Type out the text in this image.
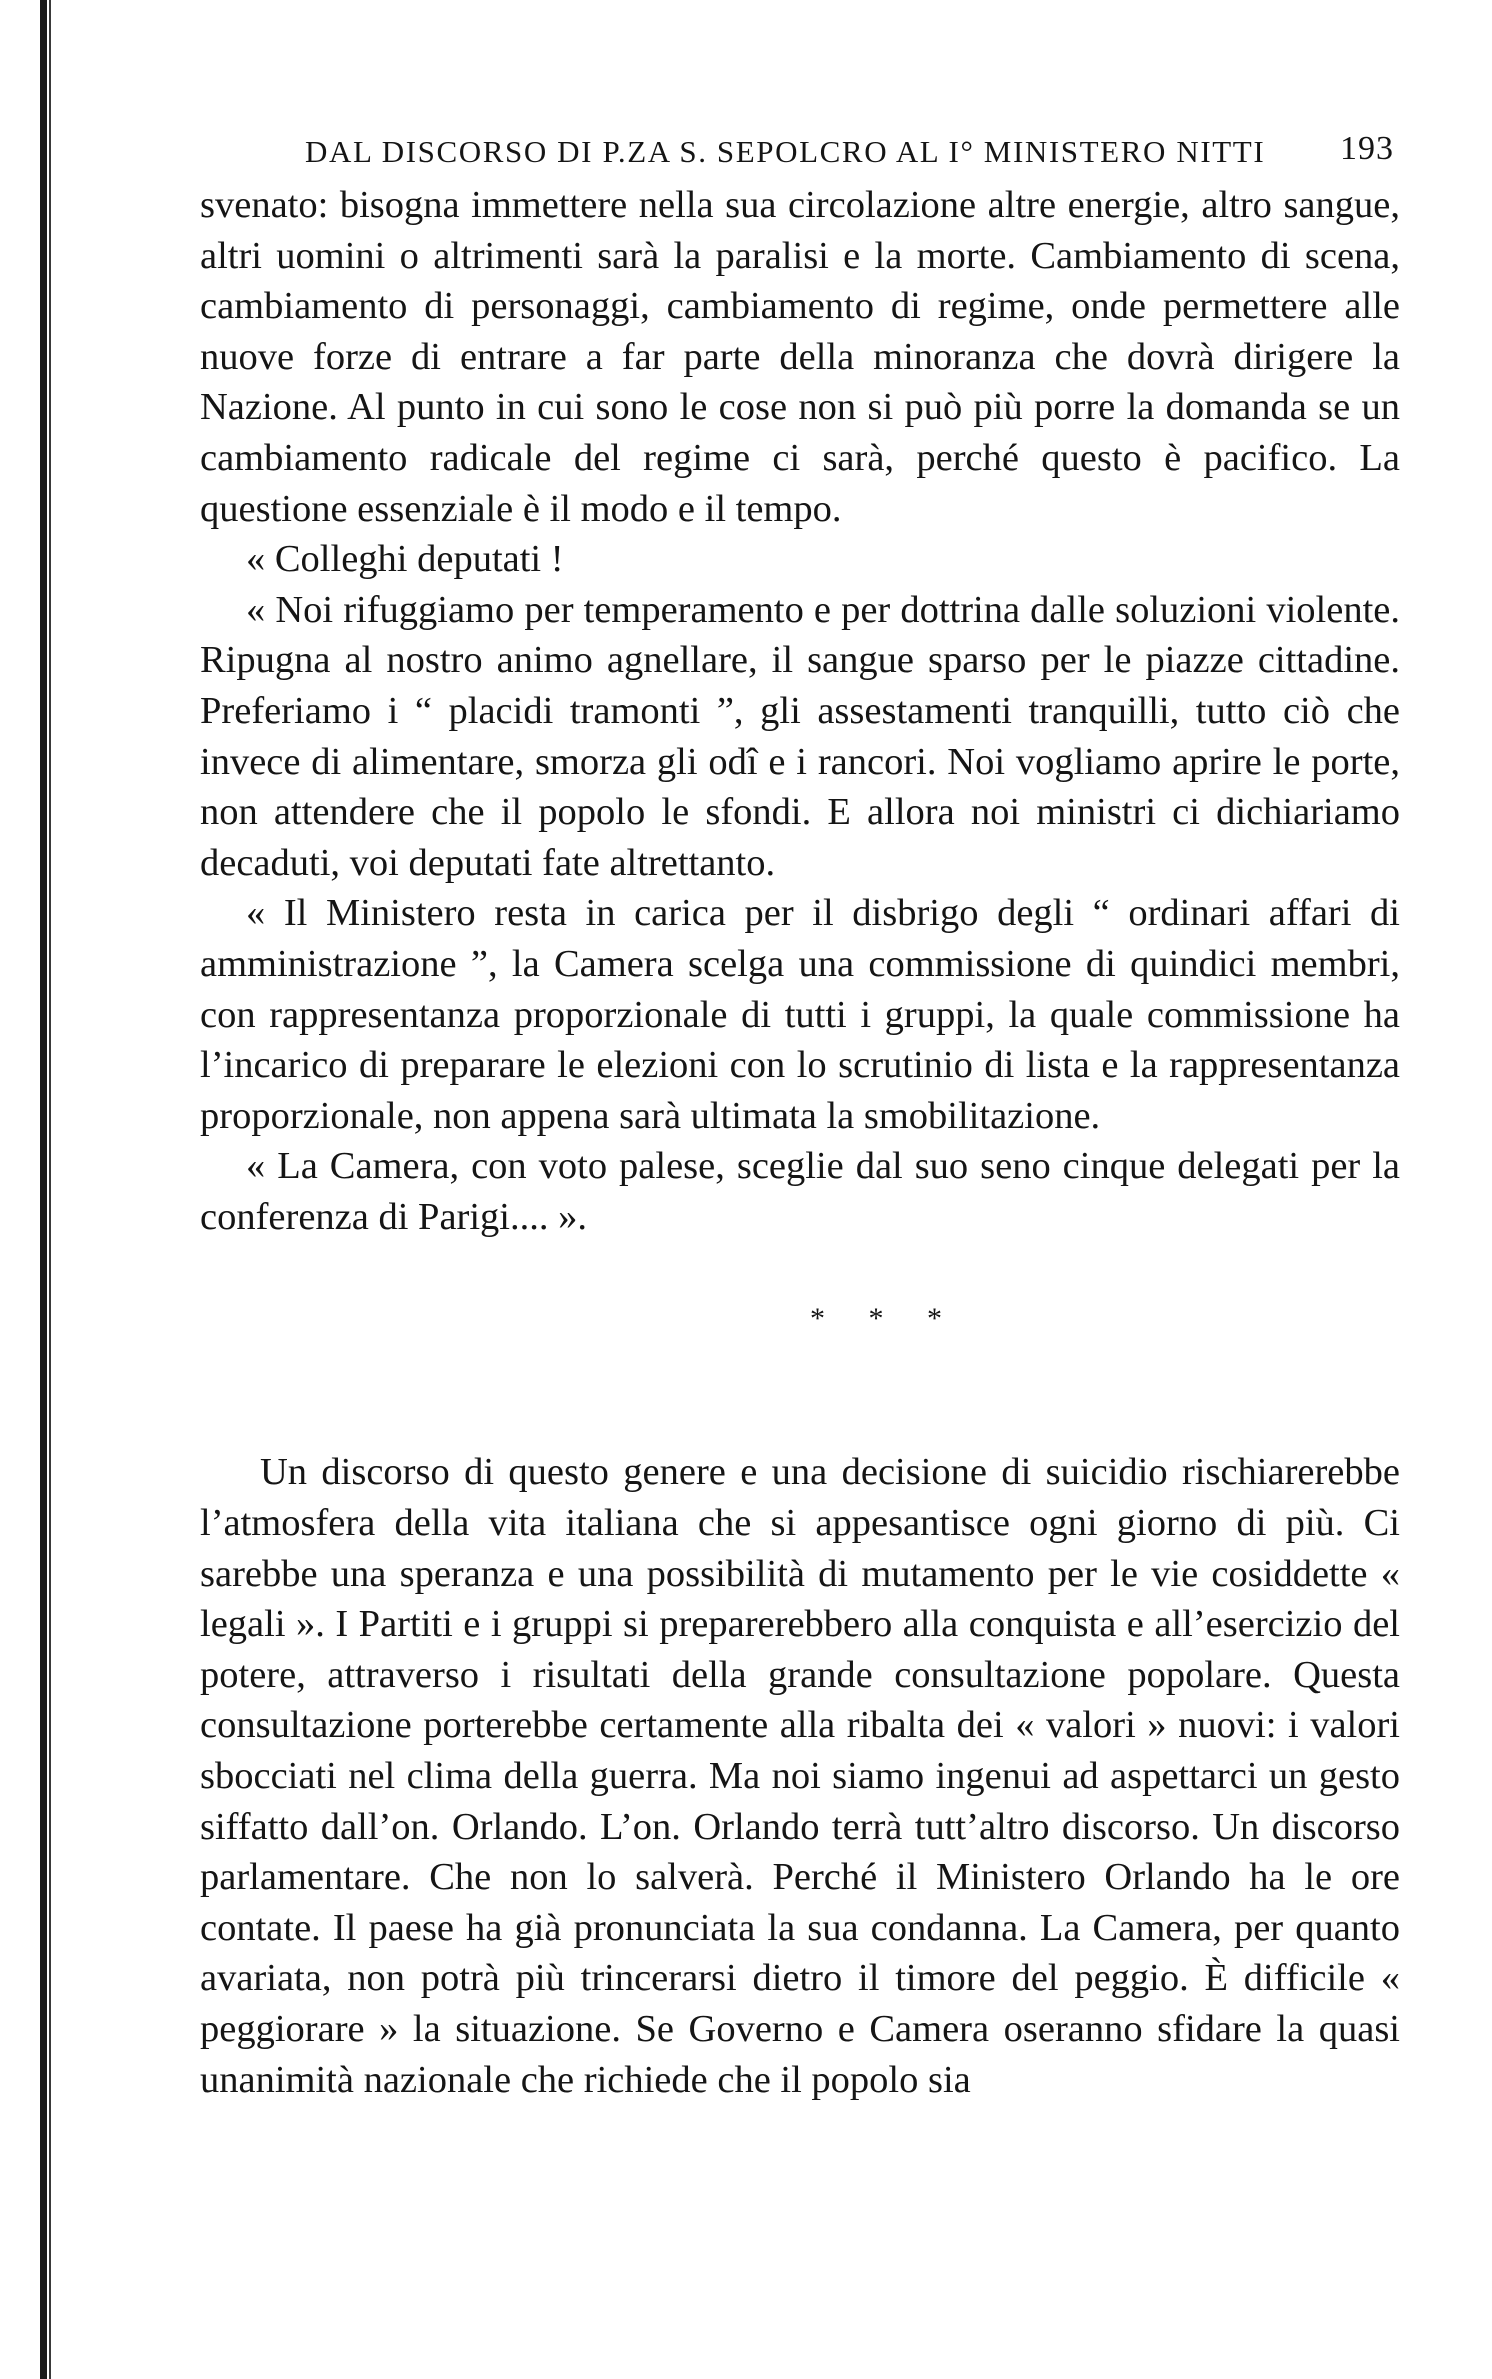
DAL DISCORSO DI P.ZA S. SEPOLCRO AL I° MINISTERO NITTI 193

svenato: bisogna immettere nella sua circolazione altre energie, altro sangue, altri uomini o altrimenti sarà la paralisi e la morte. Cambiamento di scena, cambiamento di personaggi, cambiamento di regime, onde permettere alle nuove forze di entrare a far parte della minoranza che dovrà dirigere la Nazione. Al punto in cui sono le cose non si può più porre la domanda se un cambiamento radicale del regime ci sarà, perché questo è pacifico. La questione essenziale è il modo e il tempo.

« Colleghi deputati !

« Noi rifuggiamo per temperamento e per dottrina dalle soluzioni violente. Ripugna al nostro animo agnellare, il sangue sparso per le piazze cittadine. Preferiamo i “ placidi tramonti ”, gli assestamenti tranquilli, tutto ciò che invece di alimentare, smorza gli odî e i rancori. Noi vogliamo aprire le porte, non attendere che il popolo le sfondi. E allora noi ministri ci dichiariamo decaduti, voi deputati fate altrettanto.

« Il Ministero resta in carica per il disbrigo degli “ ordinari affari di amministrazione ”, la Camera scelga una commissione di quindici membri, con rappresentanza proporzionale di tutti i gruppi, la quale commissione ha l’incarico di preparare le elezioni con lo scrutinio di lista e la rappresentanza proporzionale, non appena sarà ultimata la smobilitazione.

« La Camera, con voto palese, sceglie dal suo seno cinque delegati per la conferenza di Parigi.... ».

* * *

Un discorso di questo genere e una decisione di suicidio rischiarerebbe l’atmosfera della vita italiana che si appesantisce ogni giorno di più. Ci sarebbe una speranza e una possibilità di mutamento per le vie cosiddette « legali ». I Partiti e i gruppi si preparerebbero alla conquista e all’esercizio del potere, attraverso i risultati della grande consultazione popolare. Questa consultazione porterebbe certamente alla ribalta dei « valori » nuovi: i valori sbocciati nel clima della guerra. Ma noi siamo ingenui ad aspettarci un gesto siffatto dall’on. Orlando. L’on. Orlando terrà tutt’altro discorso. Un discorso parlamentare. Che non lo salverà. Perché il Ministero Orlando ha le ore contate. Il paese ha già pronunciata la sua condanna. La Camera, per quanto avariata, non potrà più trincerarsi dietro il timore del peggio. È difficile « peggiorare » la situazione. Se Governo e Camera oseranno sfidare la quasi unanimità nazionale che richiede che il popolo sia
